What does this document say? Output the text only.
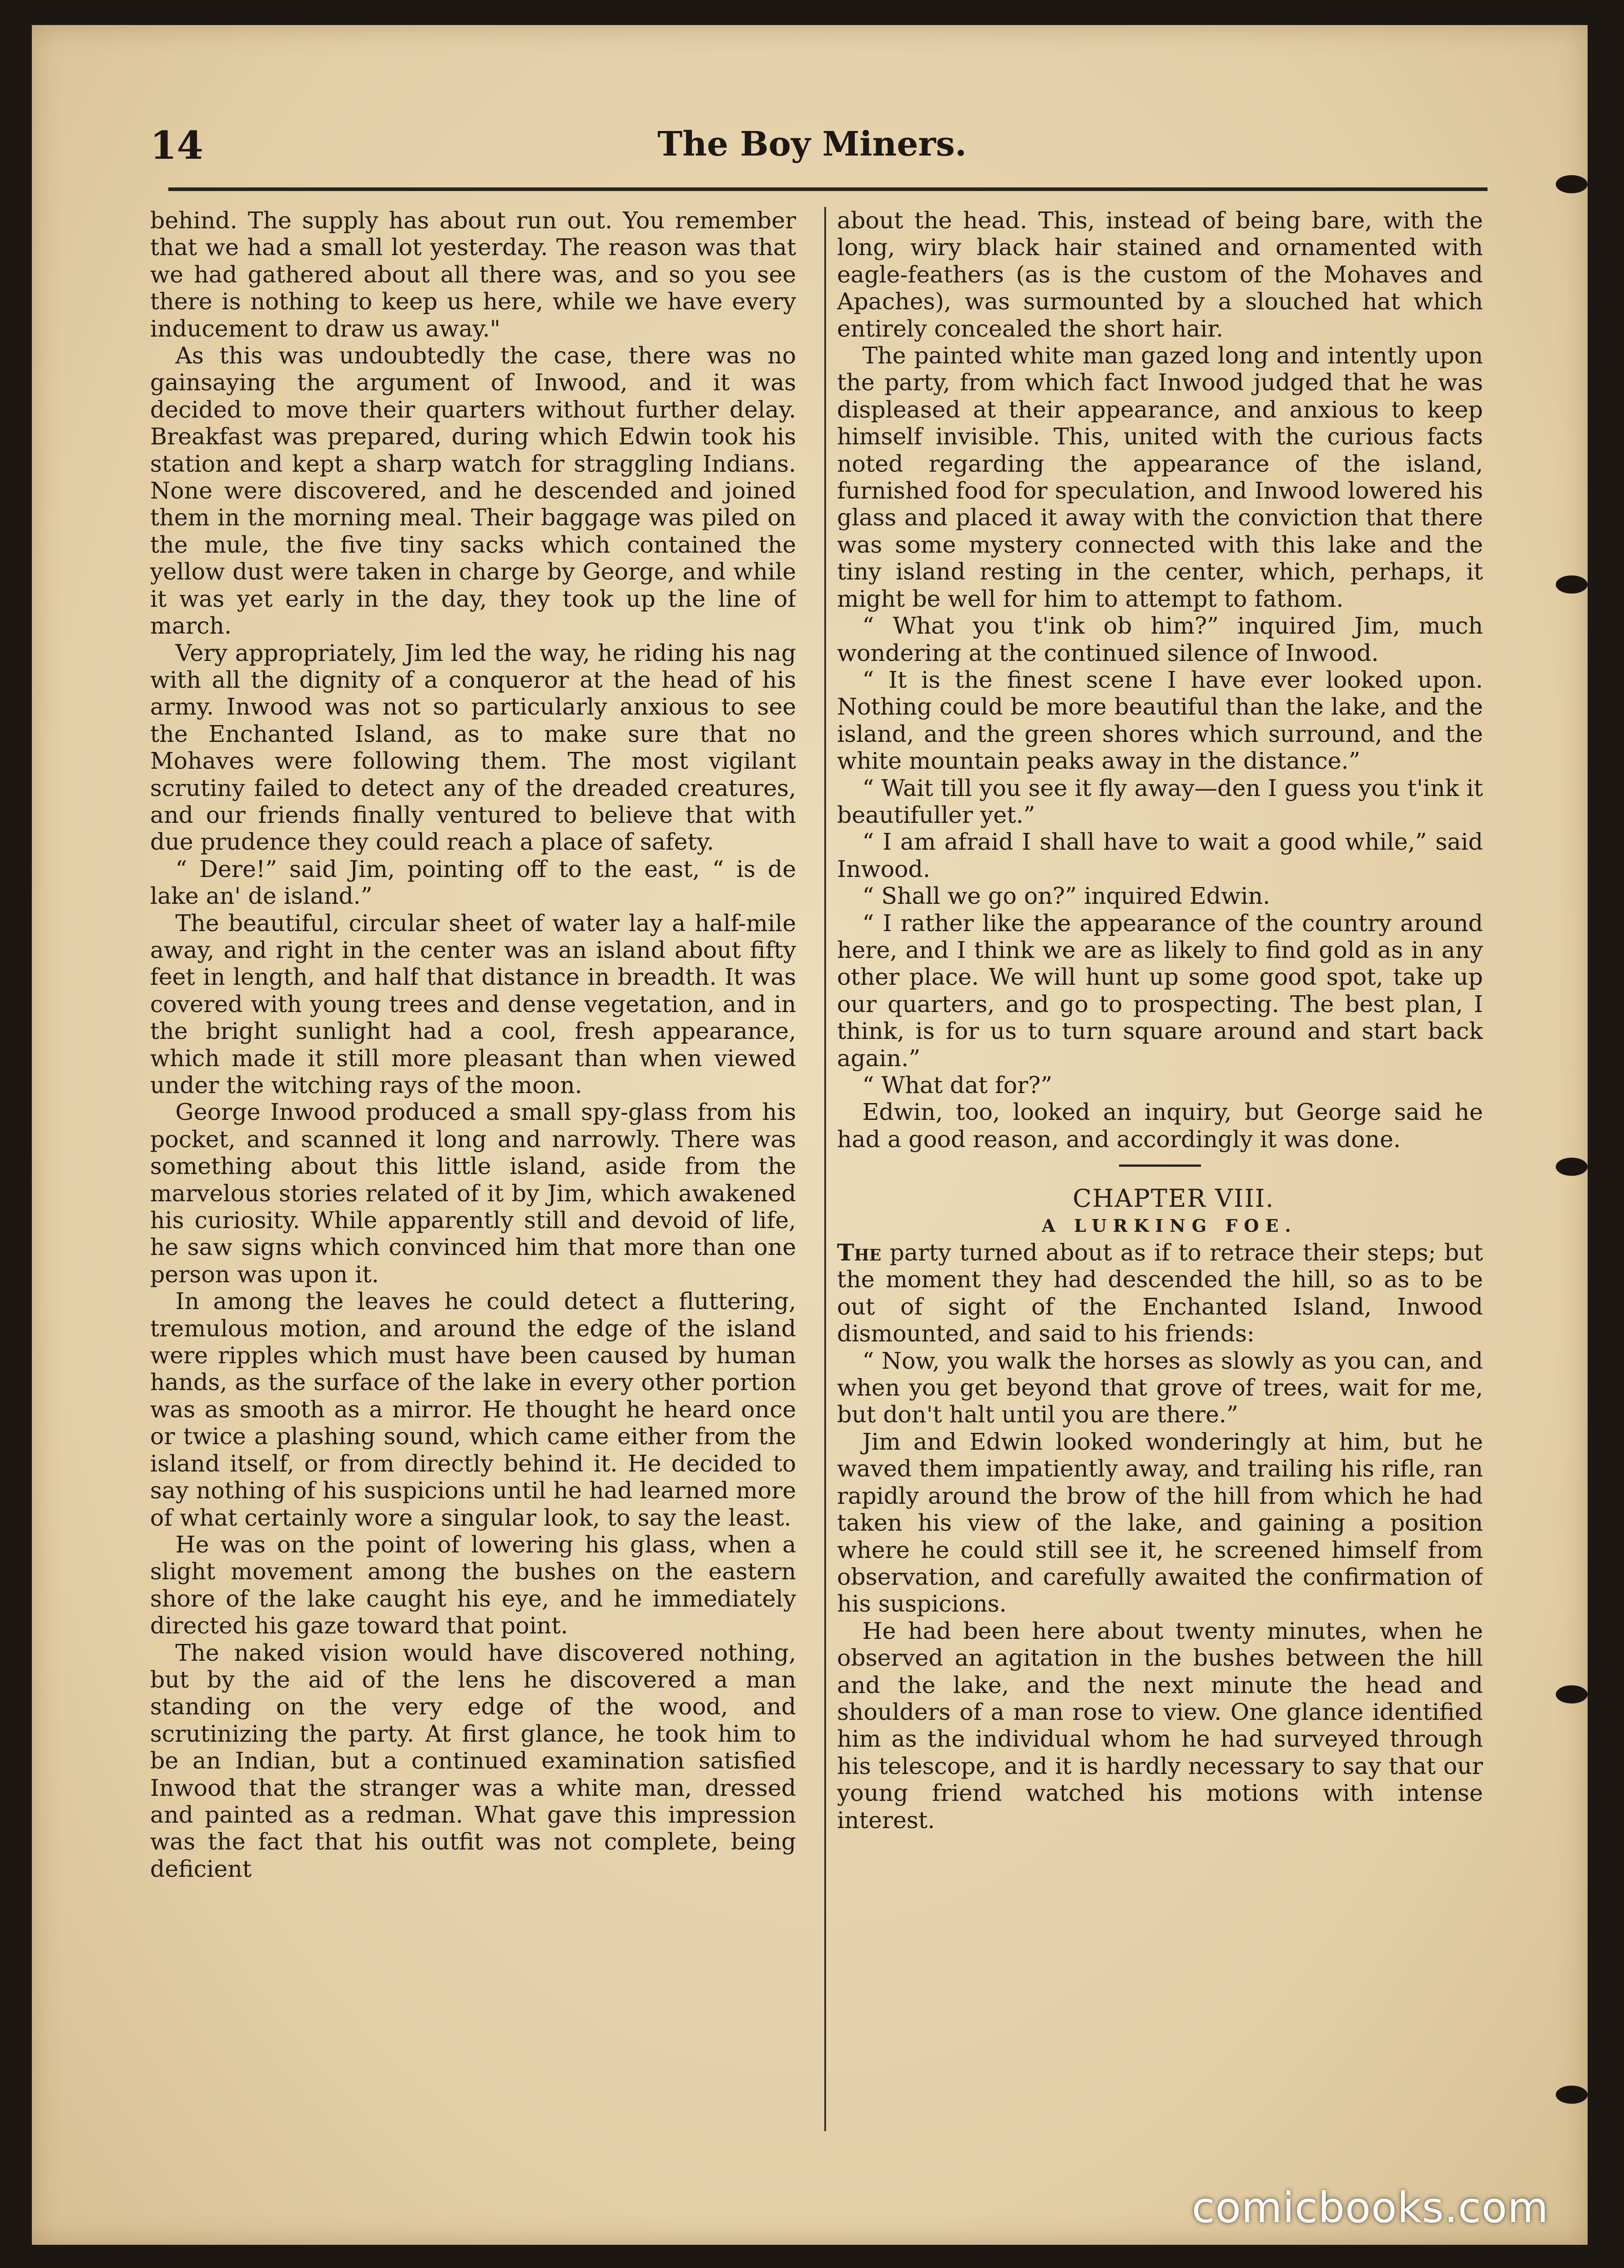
14	The Boy Miners.

behind. The supply has about run out. You remember that we had a small lot yesterday. The reason was that we had gathered about all there was, and so you see there is nothing to keep us here, while we have every inducement to draw us away."

As this was undoubtedly the case, there was no gainsaying the argument of Inwood, and it was decided to move their quarters without further delay. Breakfast was prepared, during which Edwin took his station and kept a sharp watch for straggling Indians. None were discovered, and he descended and joined them in the morning meal. Their baggage was piled on the mule, the five tiny sacks which contained the yellow dust were taken in charge by George, and while it was yet early in the day, they took up the line of march.

Very appropriately, Jim led the way, he riding his nag with all the dignity of a conqueror at the head of his army. Inwood was not so particularly anxious to see the Enchanted Island, as to make sure that no Mohaves were following them. The most vigilant scrutiny failed to detect any of the dreaded creatures, and our friends finally ventured to believe that with due prudence they could reach a place of safety.

“ Dere!” said Jim, pointing off to the east, “ is de lake an' de island.”

The beautiful, circular sheet of water lay a half-mile away, and right in the center was an island about fifty feet in length, and half that distance in breadth. It was covered with young trees and dense vegetation, and in the bright sunlight had a cool, fresh appearance, which made it still more pleasant than when viewed under the witching rays of the moon.

George Inwood produced a small spy-glass from his pocket, and scanned it long and narrowly. There was something about this little island, aside from the marvelous stories related of it by Jim, which awakened his curiosity. While apparently still and devoid of life, he saw signs which convinced him that more than one person was upon it.

In among the leaves he could detect a fluttering, tremulous motion, and around the edge of the island were ripples which must have been caused by human hands, as the surface of the lake in every other portion was as smooth as a mirror. He thought he heard once or twice a plashing sound, which came either from the island itself, or from directly behind it. He decided to say nothing of his suspicions until he had learned more of what certainly wore a singular look, to say the least.

He was on the point of lowering his glass, when a slight movement among the bushes on the eastern shore of the lake caught his eye, and he immediately directed his gaze toward that point.

The naked vision would have discovered nothing, but by the aid of the lens he discovered a man standing on the very edge of the wood, and scrutinizing the party. At first glance, he took him to be an Indian, but a continued examination satisfied Inwood that the stranger was a white man, dressed and painted as a redman. What gave this impression was the fact that his outfit was not complete, being deficient

about the head. This, instead of being bare, with the long, wiry black hair stained and ornamented with eagle-feathers (as is the custom of the Mohaves and Apaches), was surmounted by a slouched hat which entirely concealed the short hair.

The painted white man gazed long and intently upon the party, from which fact Inwood judged that he was displeased at their appearance, and anxious to keep himself invisible. This, united with the curious facts noted regarding the appearance of the island, furnished food for speculation, and Inwood lowered his glass and placed it away with the conviction that there was some mystery connected with this lake and the tiny island resting in the center, which, perhaps, it might be well for him to attempt to fathom.

“ What you t'ink ob him?” inquired Jim, much wondering at the continued silence of Inwood.

“ It is the finest scene I have ever looked upon. Nothing could be more beautiful than the lake, and the island, and the green shores which surround, and the white mountain peaks away in the distance.”

“ Wait till you see it fly away—den I guess you t'ink it beautifuller yet.”

“ I am afraid I shall have to wait a good while,” said Inwood.

“ Shall we go on?” inquired Edwin.

“ I rather like the appearance of the country around here, and I think we are as likely to find gold as in any other place. We will hunt up some good spot, take up our quarters, and go to prospecting. The best plan, I think, is for us to turn square around and start back again.”

“ What dat for?”

Edwin, too, looked an inquiry, but George said he had a good reason, and accordingly it was done.

CHAPTER VIII.

A LURKING FOE.

The party turned about as if to retrace their steps; but the moment they had descended the hill, so as to be out of sight of the Enchanted Island, Inwood dismounted, and said to his friends:

“ Now, you walk the horses as slowly as you can, and when you get beyond that grove of trees, wait for me, but don't halt until you are there.”

Jim and Edwin looked wonderingly at him, but he waved them impatiently away, and trailing his rifle, ran rapidly around the brow of the hill from which he had taken his view of the lake, and gaining a position where he could still see it, he screened himself from observation, and carefully awaited the confirmation of his suspicions.

He had been here about twenty minutes, when he observed an agitation in the bushes between the hill and the lake, and the next minute the head and shoulders of a man rose to view. One glance identified him as the individual whom he had surveyed through his telescope, and it is hardly necessary to say that our young friend watched his motions with intense interest.

comicbooks.com
